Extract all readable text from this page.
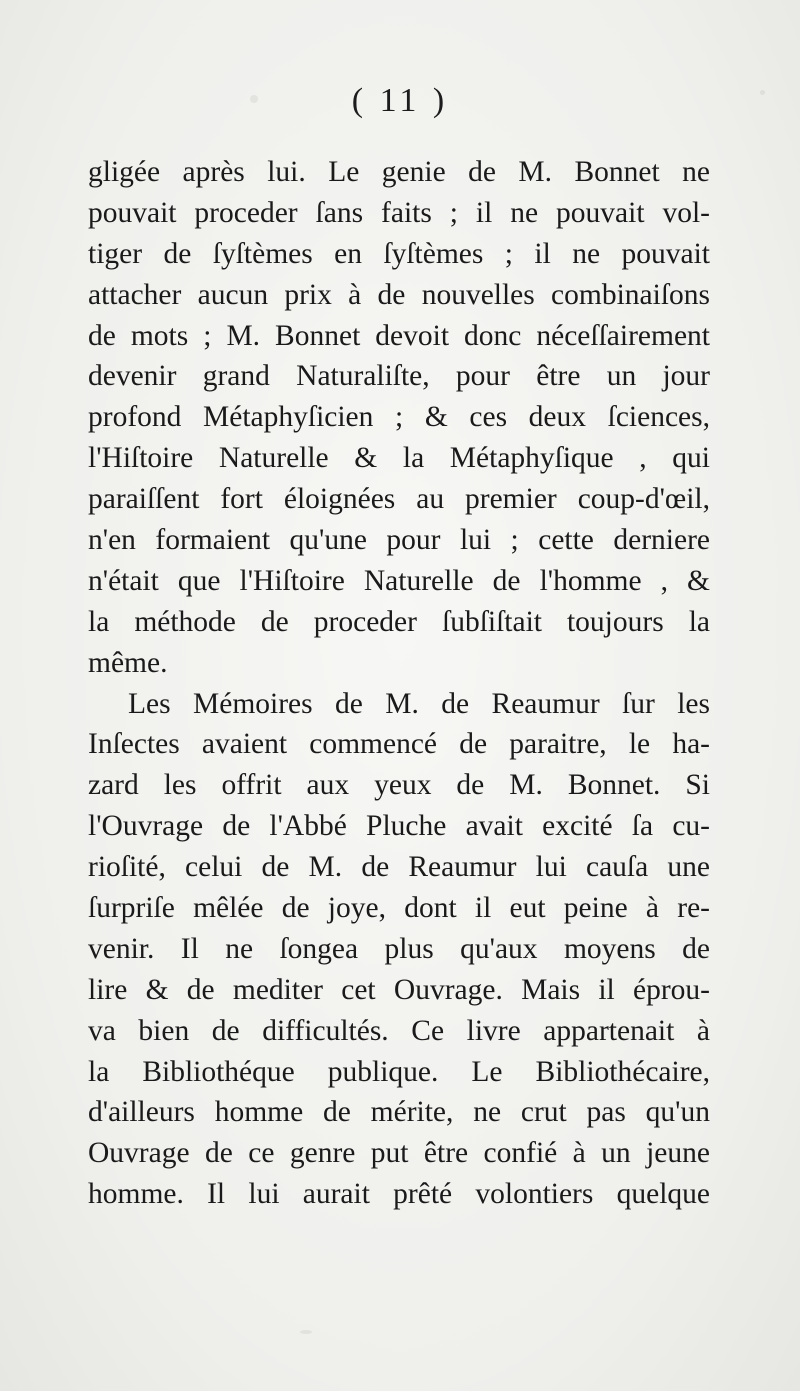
( 11 )
gligée après lui. Le genie de M. Bonnet ne
pouvait proceder ſans faits ; il ne pouvait vol-
tiger de ſyſtèmes en ſyſtèmes ; il ne pouvait
attacher aucun prix à de nouvelles combinaiſons
de mots ; M. Bonnet devoit donc néceſſairement
devenir grand Naturaliſte, pour être un jour
profond Métaphyſicien ; & ces deux ſciences,
l'Hiſtoire Naturelle & la Métaphyſique , qui
paraiſſent fort éloignées au premier coup-d'œil,
n'en formaient qu'une pour lui ; cette derniere
n'était que l'Hiſtoire Naturelle de l'homme , &
la méthode de proceder ſubſiſtait toujours la
même.
Les Mémoires de M. de Reaumur ſur les
Inſectes avaient commencé de paraitre, le ha-
zard les offrit aux yeux de M. Bonnet. Si
l'Ouvrage de l'Abbé Pluche avait excité ſa cu-
rioſité, celui de M. de Reaumur lui cauſa une
ſurpriſe mêlée de joye, dont il eut peine à re-
venir. Il ne ſongea plus qu'aux moyens de
lire & de mediter cet Ouvrage. Mais il éprou-
va bien de difficultés. Ce livre appartenait à
la Bibliothéque publique. Le Bibliothécaire,
d'ailleurs homme de mérite, ne crut pas qu'un
Ouvrage de ce genre put être confié à un jeune
homme. Il lui aurait prêté volontiers quelque
